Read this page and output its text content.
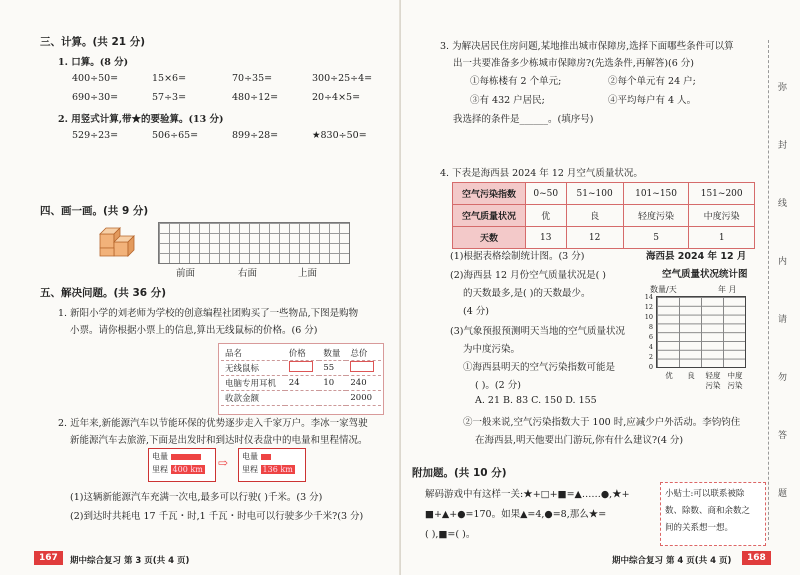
三、计算。(共 21 分)
1. 口算。(8 分)
400÷50=	15×6=	70÷35=	300÷25÷4=
690÷30=	57÷3=	480÷12=	20÷4×5=
2. 用竖式计算,带★的要验算。(13 分)
529÷23=	506÷65=	899÷28=	★830÷50=
四、画一画。(共 9 分)
前面	右面	上面
五、解决问题。(共 36 分)
1. 新阳小学的刘老师为学校的创意编程社团购买了一些物品,下图是购物
小票。请你根据小票上的信息,算出无线鼠标的价格。(6 分)
品名	价格	数量	总价
无线鼠标		55	
电脑专用耳机	24	10	240
收款金额			2000
2. 近年来,新能源汽车以节能环保的优势逐步走入千家万户。李冰一家驾驶
新能源汽车去旅游,下面是出发时和到达时仪表盘中的电量和里程情况。
电量
里程 400 km	⇨ 电量
里程 136 km
(1)这辆新能源汽车充满一次电,最多可以行驶( )千米。(3 分)
(2)到达时共耗电 17 千瓦・时,1 千瓦・时电可以行驶多少千米?(3 分)
167	期中综合复习 第 3 页(共 4 页)
3. 为解决居民住房问题,某地推出城市保障房,选择下面哪些条件可以算
出一共要准备多少栋城市保障房?(先选条件,再解答)(6 分)
①每栋楼有 2 个单元;	②每个单元有 24 户;
③有 432 户居民;	④平均每户有 4 人。
我选择的条件是______。(填序号)
4. 下表是海西县 2024 年 12 月空气质量状况。
空气污染指数	0~50	51~100	101~150	151~200
空气质量状况	优	良	轻度污染	中度污染
天数	13	12	5	1
(1)根据表格绘制统计图。(3 分)
(2)海西县 12 月份空气质量状况是( )
的天数最多,是( )的天数最少。
(4 分)
(3)气象预报预测明天当地的空气质量状况
为中度污染。
①海西县明天的空气污染指数可能是
( )。(2 分)
A. 21 B. 83 C. 150 D. 155
②一般来说,空气污染指数大于 100 时,应减少户外活动。李钧钧住
在海西县,明天他要出门游玩,你有什么建议?(4 分)
海西县 2024 年 12 月
空气质量状况统计图
数量/天	年 月
14
12
10
8
6
4
2
0
优	良	轻度污染
中度污染
附加题。(共 10 分)
解码游戏中有这样一关:★+□+■=▲……●,★+
■+▲+●=170。如果▲=4,●=8,那么★=
( ),■=( )。
小贴士:可以联系被除
数、除数、商和余数之
间的关系想一想。
期中综合复习 第 4 页(共 4 页)	168
弥
封
线
内
请
勿
答
题
